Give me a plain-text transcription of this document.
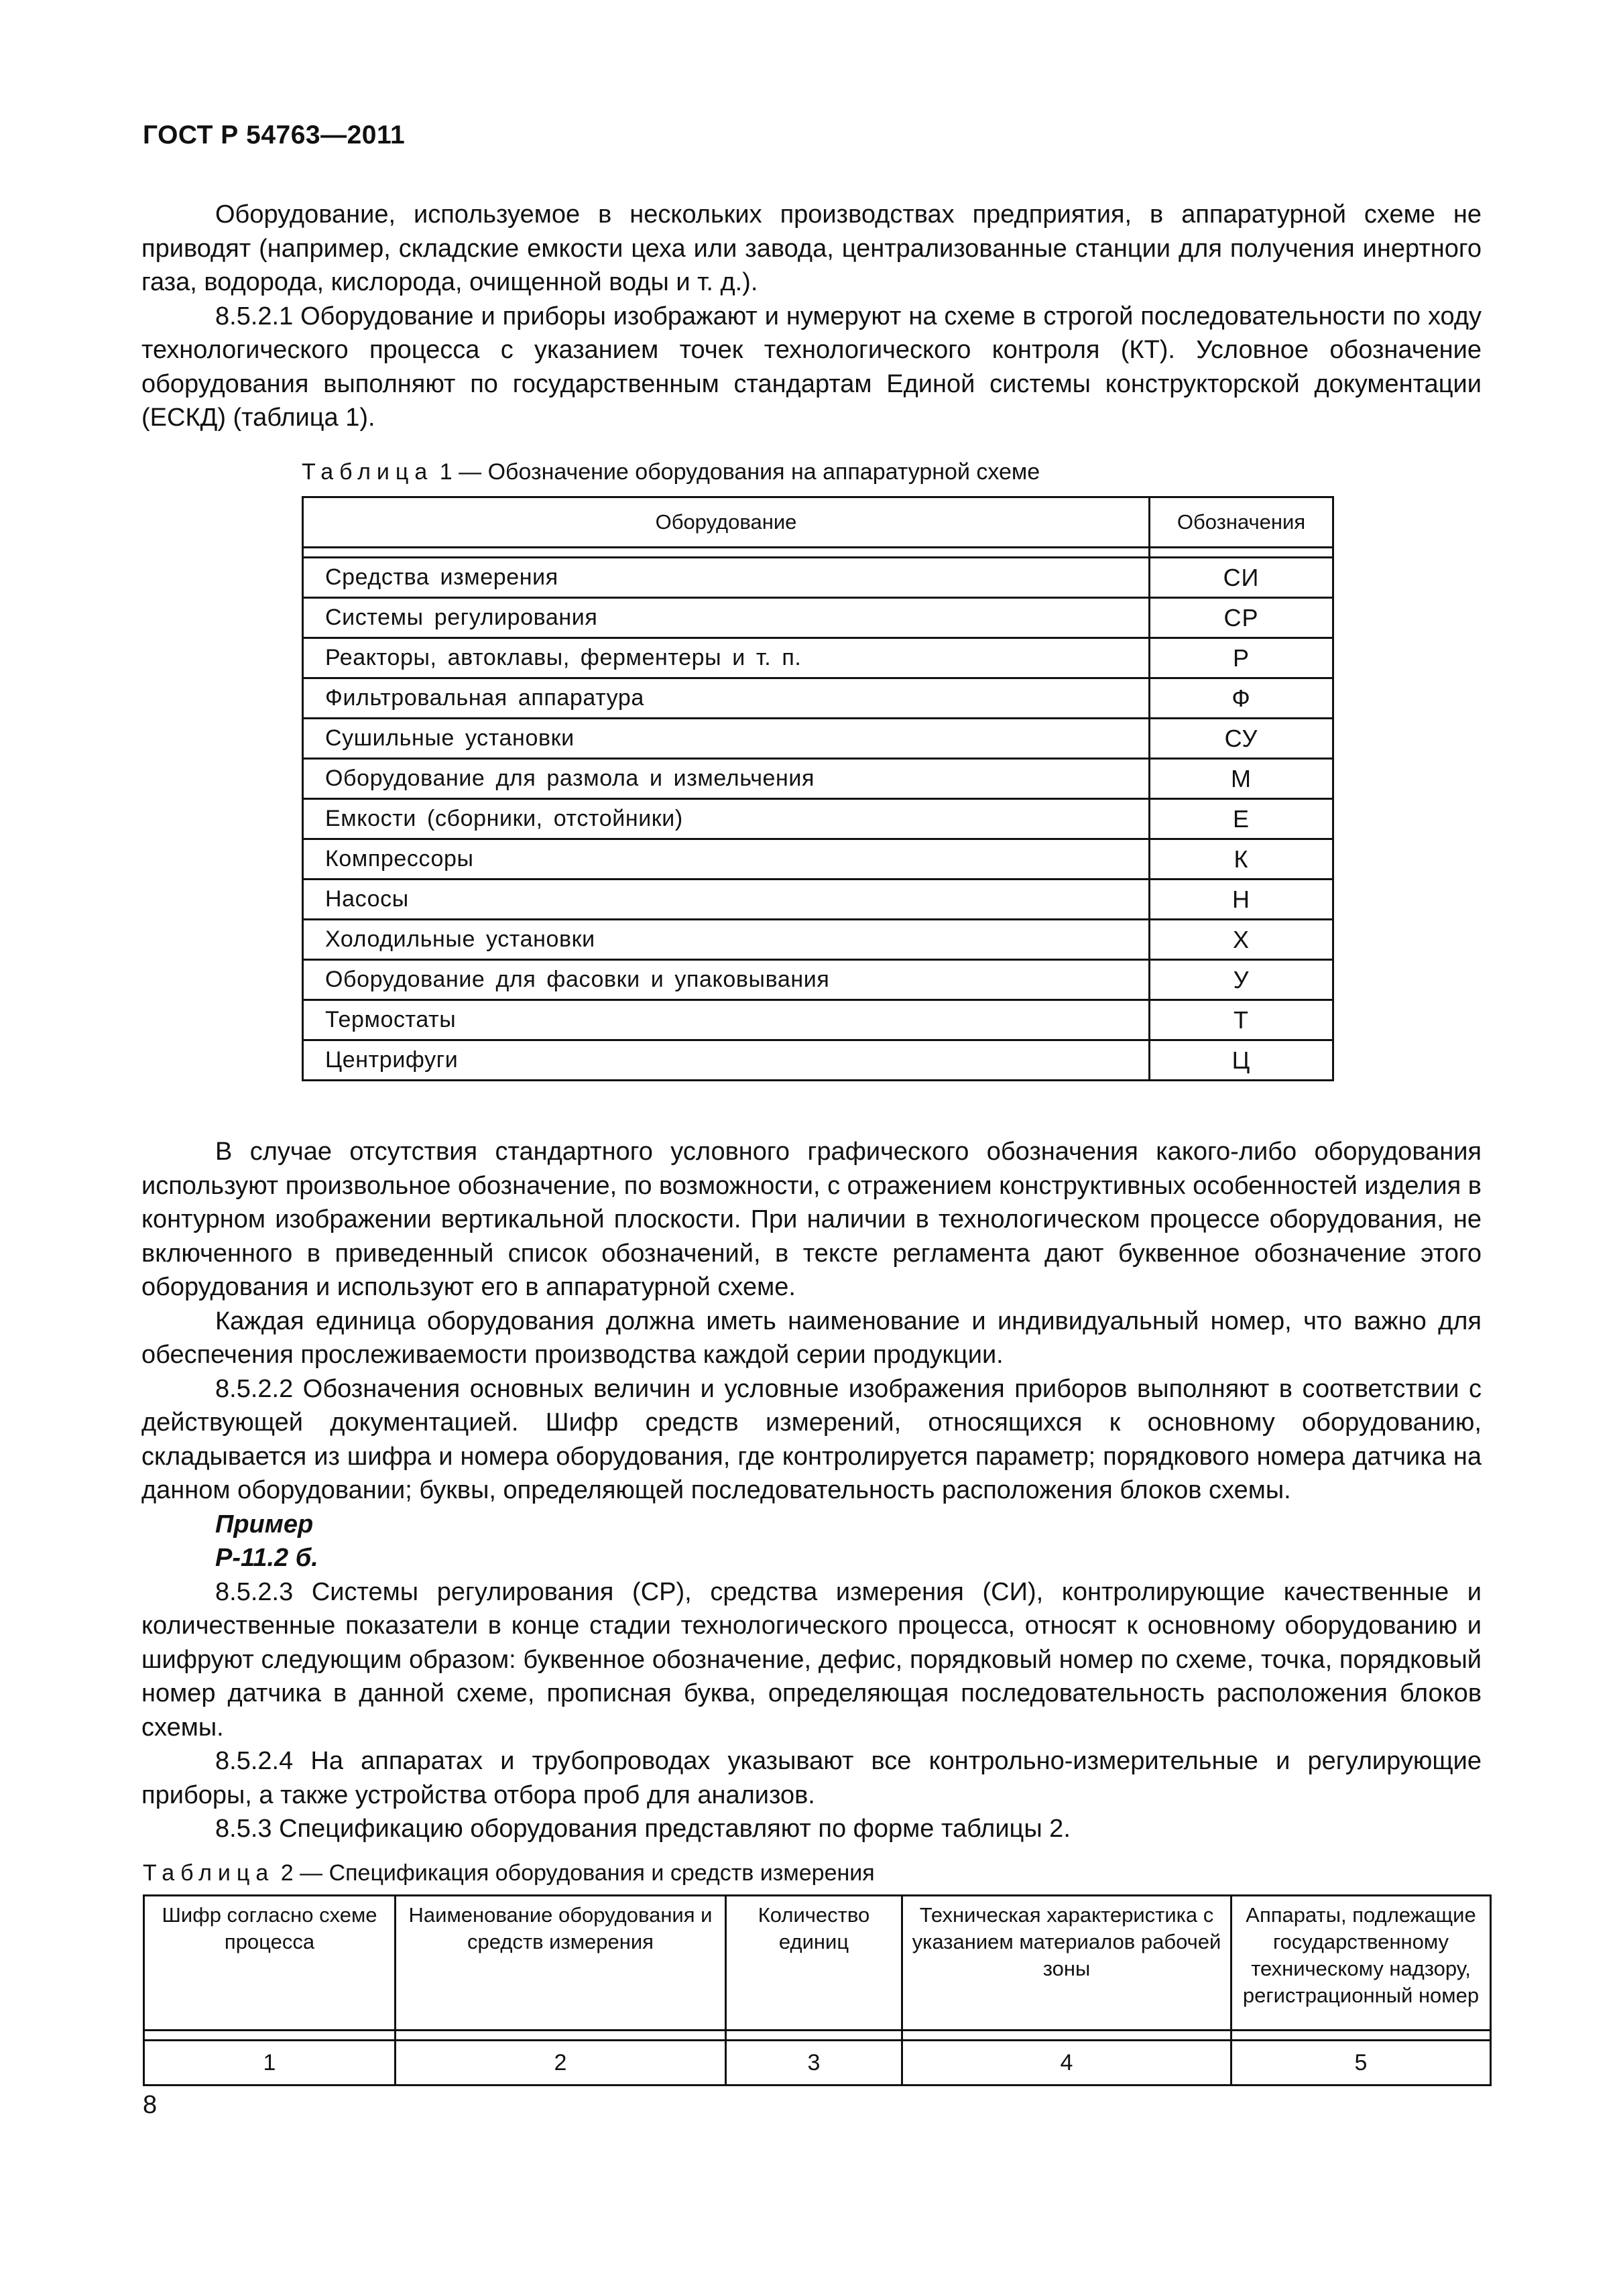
ГОСТ Р 54763—2011

Оборудование, используемое в нескольких производствах предприятия, в аппаратурной схеме не приводят (например, складские емкости цеха или завода, централизованные станции для получения инертного газа, водорода, кислорода, очищенной воды и т. д.).

8.5.2.1 Оборудование и приборы изображают и нумеруют на схеме в строгой последовательности по ходу технологического процесса с указанием точек технологического контроля (КТ). Условное обозначение оборудования выполняют по государственным стандартам Единой системы конструкторской документации (ЕСКД) (таблица 1).

Таблица 1 — Обозначение оборудования на аппаратурной схеме
Оборудование	Обозначения

Средства измерения	СИ
Системы регулирования	СР
Реакторы, автоклавы, ферментеры и т. п.	Р
Фильтровальная аппаратура	Ф
Сушильные установки	СУ
Оборудование для размола и измельчения	М
Емкости (сборники, отстойники)	Е
Компрессоры	К
Насосы	Н
Холодильные установки	Х
Оборудование для фасовки и упаковывания	У
Термостаты	Т
Центрифуги	Ц

В случае отсутствия стандартного условного графического обозначения какого-либо оборудования используют произвольное обозначение, по возможности, с отражением конструктивных особенностей изделия в контурном изображении вертикальной плоскости. При наличии в технологическом процессе оборудования, не включенного в приведенный список обозначений, в тексте регламента дают буквенное обозначение этого оборудования и используют его в аппаратурной схеме.

Каждая единица оборудования должна иметь наименование и индивидуальный номер, что важно для обеспечения прослеживаемости производства каждой серии продукции.

8.5.2.2 Обозначения основных величин и условные изображения приборов выполняют в соответствии с действующей документацией. Шифр средств измерений, относящихся к основному оборудованию, складывается из шифра и номера оборудования, где контролируется параметр; порядкового номера датчика на данном оборудовании; буквы, определяющей последовательность расположения блоков схемы.

Пример

Р-11.2 б.

8.5.2.3 Системы регулирования (СР), средства измерения (СИ), контролирующие качественные и количественные показатели в конце стадии технологического процесса, относят к основному оборудованию и шифруют следующим образом: буквенное обозначение, дефис, порядковый номер по схеме, точка, порядковый номер датчика в данной схеме, прописная буква, определяющая последовательность расположения блоков схемы.

8.5.2.4 На аппаратах и трубопроводах указывают все контрольно-измерительные и регулирующие приборы, а также устройства отбора проб для анализов.

8.5.3 Спецификацию оборудования представляют по форме таблицы 2.

Таблица 2 — Спецификация оборудования и средств измерения
Шифр согласно схеме процесса	Наименование оборудования и средств измерения	Количество единиц	Техническая характеристика с указанием материалов рабочей зоны	Аппараты, подлежащие государственному техническому надзору, регистрационный номер

1	2	3	4	5
8
